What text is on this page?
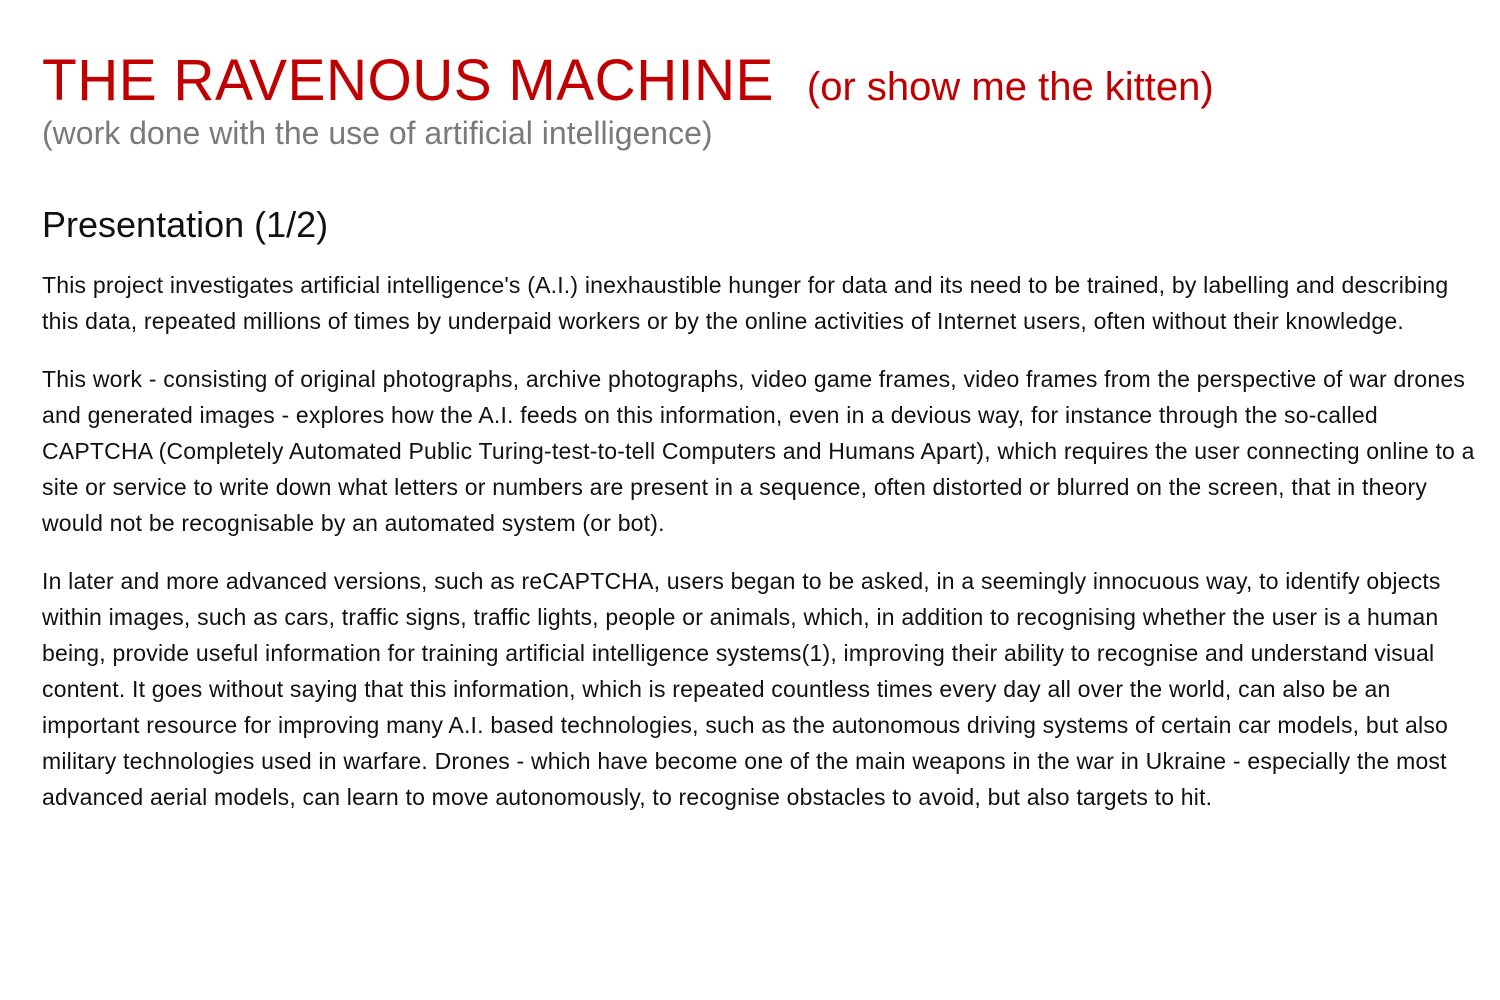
THE RAVENOUS MACHINE (or show me the kitten)
(work done with the use of artificial intelligence)
Presentation (1/2)

This project investigates artificial intelligence's (A.I.) inexhaustible hunger for data and its need to be trained, by labelling and describing this data, repeated millions of times by underpaid workers or by the online activities of Internet users, often without their knowledge.

This work - consisting of original photographs, archive photographs, video game frames, video frames from the perspective of war drones and generated images - explores how the A.I. feeds on this information, even in a devious way, for instance through the so-called CAPTCHA (Completely Automated Public Turing-test-to-tell Computers and Humans Apart), which requires the user connecting online to a site or service to write down what letters or numbers are present in a sequence, often distorted or blurred on the screen, that in theory would not be recognisable by an automated system (or bot).

In later and more advanced versions, such as reCAPTCHA, users began to be asked, in a seemingly innocuous way, to identify objects within images, such as cars, traffic signs, traffic lights, people or animals, which, in addition to recognising whether the user is a human being, provide useful information for training artificial intelligence systems(1), improving their ability to recognise and understand visual content. It goes without saying that this information, which is repeated countless times every day all over the world, can also be an important resource for improving many A.I. based technologies, such as the autonomous driving systems of certain car models, but also military technologies used in warfare. Drones - which have become one of the main weapons in the war in Ukraine - especially the most advanced aerial models, can learn to move autonomously, to recognise obstacles to avoid, but also targets to hit.
